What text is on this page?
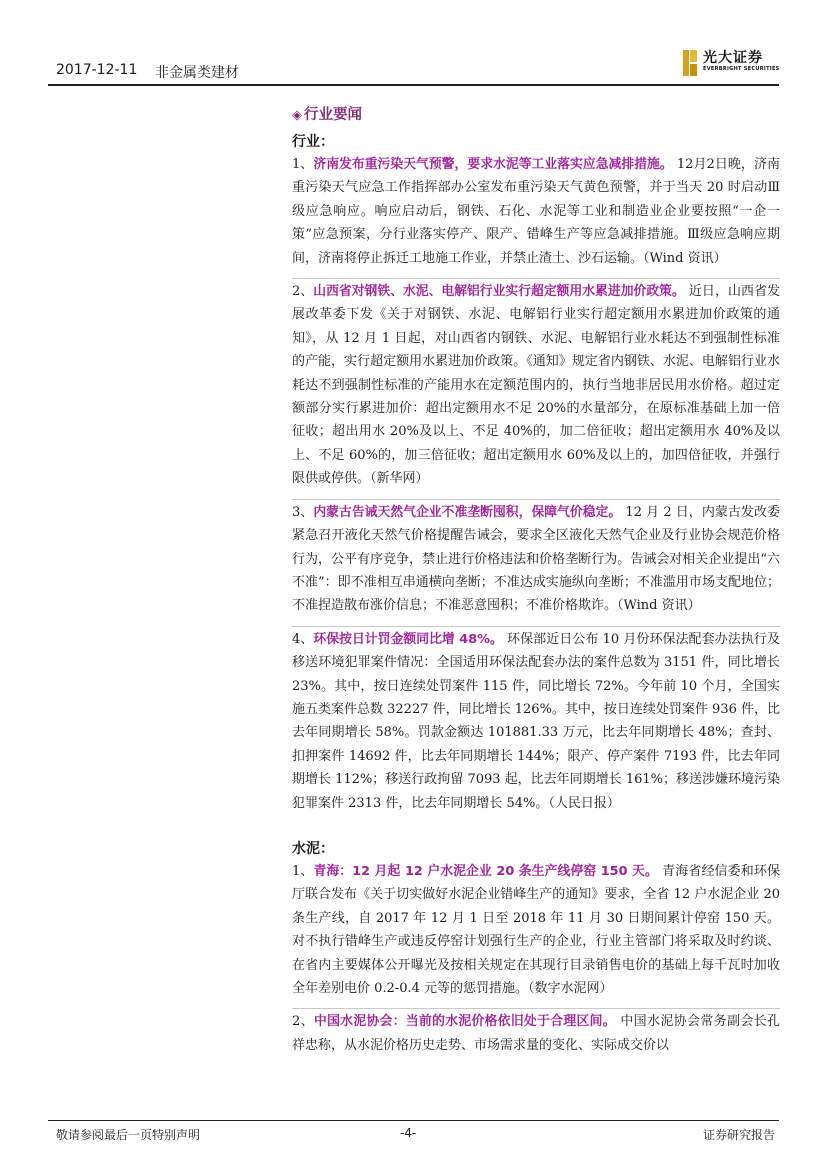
2017-12-11 非金属类建材
光大证券
EVERBRIGHT SECURITIES
◈ 行业要闻
行业：
1、济南发布重污染天气预警，要求水泥等工业落实应急减排措施。 12月2日晚，济南重污染天气应急工作指挥部办公室发布重污染天气黄色预警，并于当天 20 时启动Ⅲ级应急响应。响应启动后，钢铁、石化、水泥等工业和制造业企业要按照“一企一策”应急预案，分行业落实停产、限产、错峰生产等应急减排措施。Ⅲ级应急响应期间，济南将停止拆迁工地施工作业，并禁止渣土、沙石运输。（Wind 资讯）
2、山西省对钢铁、水泥、电解铝行业实行超定额用水累进加价政策。 近日，山西省发展改革委下发《关于对钢铁、水泥、电解铝行业实行超定额用水累进加价政策的通知》，从 12 月 1 日起，对山西省内钢铁、水泥、电解铝行业水耗达不到强制性标准的产能，实行超定额用水累进加价政策。《通知》规定省内钢铁、水泥、电解铝行业水耗达不到强制性标准的产能用水在定额范围内的，执行当地非居民用水价格。超过定额部分实行累进加价：超出定额用水不足 20%的水量部分，在原标准基础上加一倍征收；超出用水 20%及以上、不足 40%的，加二倍征收；超出定额用水 40%及以上、不足 60%的，加三倍征收；超出定额用水 60%及以上的，加四倍征收，并强行限供或停供。（新华网）
3、内蒙古告诫天然气企业不准垄断囤积，保障气价稳定。 12 月 2 日，内蒙古发改委紧急召开液化天然气价格提醒告诫会，要求全区液化天然气企业及行业协会规范价格行为，公平有序竞争，禁止进行价格违法和价格垄断行为。告诫会对相关企业提出“六不准”：即不准相互串通横向垄断；不准达成实施纵向垄断；不准滥用市场支配地位；不准捏造散布涨价信息；不准恶意囤积；不准价格欺诈。（Wind 资讯）
4、环保按日计罚金额同比增 48%。 环保部近日公布 10 月份环保法配套办法执行及移送环境犯罪案件情况：全国适用环保法配套办法的案件总数为 3151 件，同比增长 23%。其中，按日连续处罚案件 115 件，同比增长 72%。今年前 10 个月，全国实施五类案件总数 32227 件，同比增长 126%。其中，按日连续处罚案件 936 件，比去年同期增长 58%。罚款金额达 101881.33 万元，比去年同期增长 48%；查封、扣押案件 14692 件，比去年同期增长 144%；限产、停产案件 7193 件，比去年同期增长 112%；移送行政拘留 7093 起，比去年同期增长 161%；移送涉嫌环境污染犯罪案件 2313 件，比去年同期增长 54%。（人民日报）
水泥：
1、青海：12 月起 12 户水泥企业 20 条生产线停窑 150 天。 青海省经信委和环保厅联合发布《关于切实做好水泥企业错峰生产的通知》要求，全省 12 户水泥企业 20 条生产线，自 2017 年 12 月 1 日至 2018 年 11 月 30 日期间累计停窑 150 天。对不执行错峰生产或违反停窑计划强行生产的企业，行业主管部门将采取及时约谈、在省内主要媒体公开曝光及按相关规定在其现行目录销售电价的基础上每千瓦时加收全年差别电价 0.2-0.4 元等的惩罚措施。（数字水泥网）
2、中国水泥协会：当前的水泥价格依旧处于合理区间。 中国水泥协会常务副会长孔祥忠称，从水泥价格历史走势、市场需求量的变化、实际成交价以
敬请参阅最后一页特别声明	-4-	证券研究报告
